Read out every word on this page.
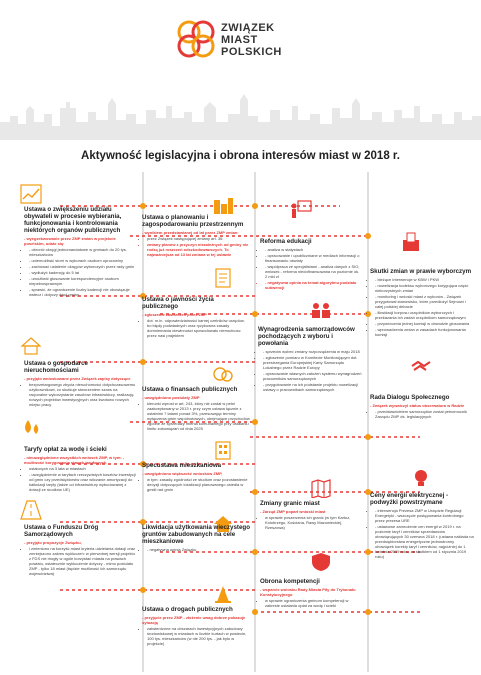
ZWIĄZEK
MIAST
POLSKICH
Aktywność legislacyjna i obrona interesów miast w 2018 r.
Ustawa o zwiększeniu udziału obywateli w procesie wybierania, funkcjonowania i kontrolowania niektórych organów publicznych
- wyegzekwowanie przez ZMP zmian w projekcie poselskim, udało się:
• - obronić okręgi jednomandatowe w gminach do 20 tys. mieszkańców
• - uniemożliwić storń w wyborach osobom oprocowiny
• - zachować ustalenie okręgów wyborczych przez rady gmin
• - wydłużyć kadencję do 5 lat
• - umożliwić głosowanie korespondencyjne osobom niepełnosprawnym
• - sprawić, że ograniczenie liczby kadencji nie obowiązuje wstecz i dotyczy dwuj gminy
Ustawa o planowaniu i zagospodarowaniu przestrzennym
- wynikiem przedstawianej od lat przez ZMP zmian:
• przez Związek następującej zmiany art. 36:
• zmiany planów z przyczyn niezależnych od gminy nie rodzą już roszczeń odszkodowawczych. To najważniejsza od 13 lat zmiana w tej ustawie
Reforma edukacji
• - analiza w statystach
• - opracowanie i upubliczniane w mediach informacji o finansowaniu oświaty
• - współpraca ze specjalistami - analiza danych z SIO, wniosek - reforma niedofinansowana na poziomie ok. 2 mld zł
• - negatywna opinia na temat algorytmu podziału subwencji
Skutki zmian w prawie wyborczym
• - bieżące interwencje w KBW i PKW
• - nowelizacja kodeksu wyborczego korygująca część niekorzystnych zmian
• - monitoring i wnioski miast z wyborów - Związek przygotował stanowisko, które przedłożył Sejmowi i całej polskiej debacie
• - likwidacji korpusu urzędników wyborczych i przekazania ich zadań urzędnikom samorządowym
• - przywrócenia jednej komisji w obwodzie głosowania
• - wprowadzenia zmian w zasadach funkcjonowania komisji
Ustawa o jawności życia publicznego
- zgłoszenie zastrzeżeń przez ZMP
• dot. m.in. odpowiedzialności karnej czelników urzędów, bo błędy podwładnych oraz ryzykowna zasady domniemania niewinności spowodowało niemożnosc przez nasi prajektem
Ustawa o gospodarce nieruchomościami
- przyjęto wnioskowane przez Związek zapisy dotyczące
• bezprzetargowego zbycia nieruchomości dotychczasowemu użytkownikowi, co skutkuje stworzeniem szans na racjonalne wykorzystanie zasobów infrastruktury, realizację nowych projektów inwestycyjnych oraz kwotowo nowych miejsc pracy
Wynagrodzenia samorządowców pochodzących z wyboru i powołania
• - sprzeciw wobec zmiany rozporządzenia w maju 2018
• - zgłoszenie pomiaru w Komitecie Monitorującym dot. przestrzegania Europejskiej Karty Samorządu Lokalnego przez Radzie Europy
• - opracowanie własnych założeń systemu wynagrodzeń pracowników samorządowych
• - przygotowanie na ich podstawie projektu nowelizacji ustawy o pracownikach samorządowych
Ustawa o finansach publicznych
- uwzględniono postulaty ZMP
• kierunki wprost w art. 243, który nie został w pełni zaakceptowany w 2013 r. przy czym ustawa łącznie z ostatnimi 7 latami ponad 3%, przesuwając terminy wyłączenia gmin wspólnotowych, obejmujące przychodów zgodne ze sprzedaży mienia komunalnego przy ustalaniu limitu zobowiązań od dnia 2025
Taryfy opłat za wodę i ścieki
- nieuwzględnione wszystkich wniosek ZMP, w tym: - możliwość korygowania stawek taryfowych
• ustalonych na 3 lata w miastach
• - uwzględnienie w taryfach rzeczywistych kosztów inwestycji od gmin czy przedsiębiorstw oraz wliczanie amortyzacji do kalkulacji taryfy (także od infrastruktury wybudowanej z dotacji ze środków UE)
Rada Dialogu Społecznego
- Związek wywalczył status obserwatora w Radzie
• - przedstawicielem samorządów został pełnomocnik Zarządu ZMP ds. legislacyjnych
Specustawa mieszkaniowa
- uwzględniono większość wniosków ZMP,
• w tym: zasadę zgodności ze studium oraz pozostawienie decyzji dotyczących lokalizacji planowanego osiedla w gestii rad gmin
Zmiany granic miast
- Zarząd ZMP poparł wnioski miast
• w sprawie poszerzenia ich granic (w tym Kartuz, Kołobrzegu, Kościana, Rawy Mazowieckiej, Rzeszowa)
Ceny energii elektrycznej - podwyżki powstrzymane
• - interwencja Prezesa ZMP w Urzędzie Regulacji Energetyki - wszczęcie postępowania kontrolnego przez prezesa URE
• - ustawowe zamrożenie cen energii w 2019 r. na poziomie taryf i cenników sprzedawców obowiązujących 30 czerwca 2018 r. (ustawa nakłada na przedsiębiorstwa energetyczne jednostronny obowiązek korekty taryf i cenników, najpóźniej do 1 kwietnia 2019 roku, ze skutkiem od 1 stycznia 2019 roku)
Ustawa o Funduszu Dróg Samorządowych
- przyjęto propozycje Związku,
• i zmieniono na korzyść miast kryteria udzielania dotacji oraz zmniejszono zakres wykluczeń: w pierwotnej wersji projektu z FDS nie mogły w ogóle korzystać miasta na prawach powiatu, ostatecznie wykluczenie dotyczy - mimo postulatu ZMP - tylko 18 miast (będzie możliwość ich samorządu województwa)
Likwidacja użytkowania wieczystego gruntów zabudowanych na cele mieszkaniowe
• - negatywna opinia Związku
Obrona kompetencji
- wsparcie wniosku Rady Miasta Piły do Trybunału Konstytucyjnego
• w sprawie ograniczenia gminom kompetencji w zakresie ustalania opłat za wodę i ścieki
Ustawa o drogach publicznych
- przyjęcie przez ZMP - złożenie uwag dobrze pokazuje sytuację
• zatwierdzone na obszarach inwestycyjnych zabudowy środowiskowej w miastach w liczbie kurtach w powiecie, 100 tys. mieszkańców (w nie 200 tys. - jak było w projekcie)
